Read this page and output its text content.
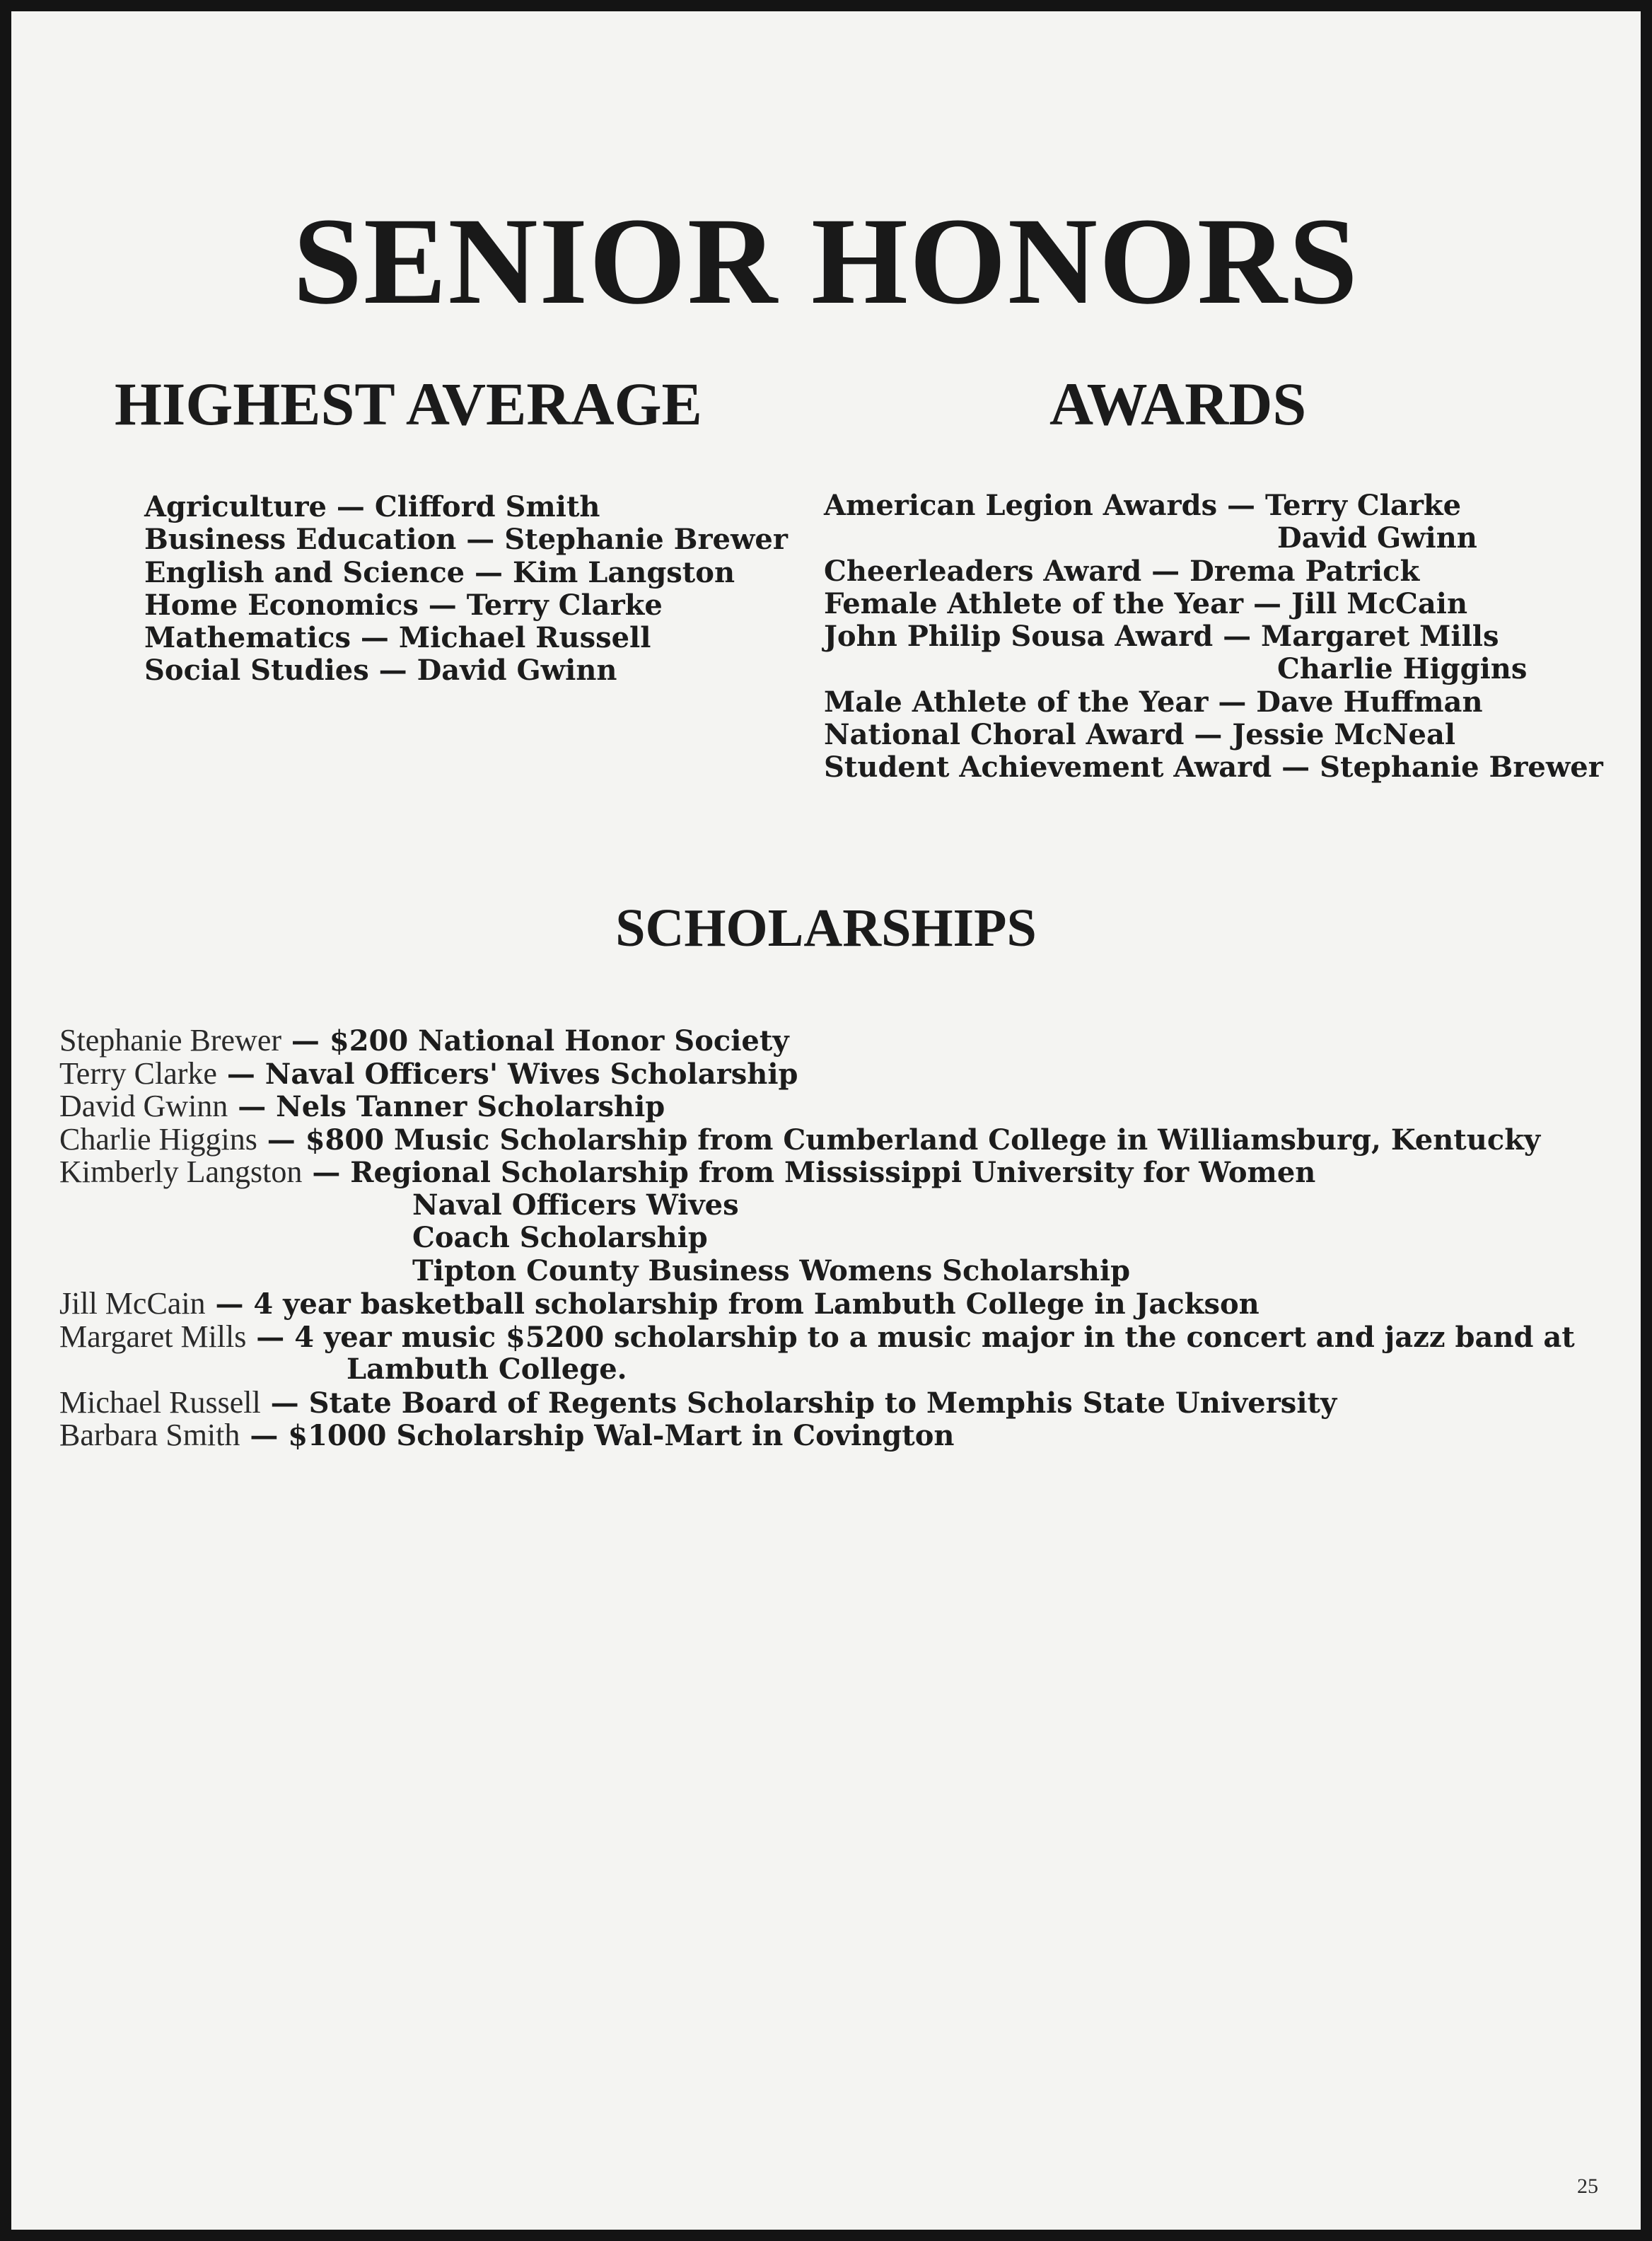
SENIOR HONORS
HIGHEST AVERAGE	AWARDS
Agriculture — Clifford Smith
Business Education — Stephanie Brewer
English and Science — Kim Langston
Home Economics — Terry Clarke
Mathematics — Michael Russell
Social Studies — David Gwinn
American Legion Awards — Terry Clarke
David Gwinn
Cheerleaders Award — Drema Patrick
Female Athlete of the Year — Jill McCain
John Philip Sousa Award — Margaret Mills
Charlie Higgins
Male Athlete of the Year — Dave Huffman
National Choral Award — Jessie McNeal
Student Achievement Award — Stephanie Brewer
SCHOLARSHIPS
Stephanie Brewer — $200 National Honor Society
Terry Clarke — Naval Officers' Wives Scholarship
David Gwinn — Nels Tanner Scholarship
Charlie Higgins — $800 Music Scholarship from Cumberland College in Williamsburg, Kentucky
Kimberly Langston — Regional Scholarship from Mississippi University for Women
Naval Officers Wives
Coach Scholarship
Tipton County Business Womens Scholarship
Jill McCain — 4 year basketball scholarship from Lambuth College in Jackson
Margaret Mills — 4 year music $5200 scholarship to a music major in the concert and jazz band at
Lambuth College.
Michael Russell — State Board of Regents Scholarship to Memphis State University
Barbara Smith — $1000 Scholarship Wal-Mart in Covington
25
